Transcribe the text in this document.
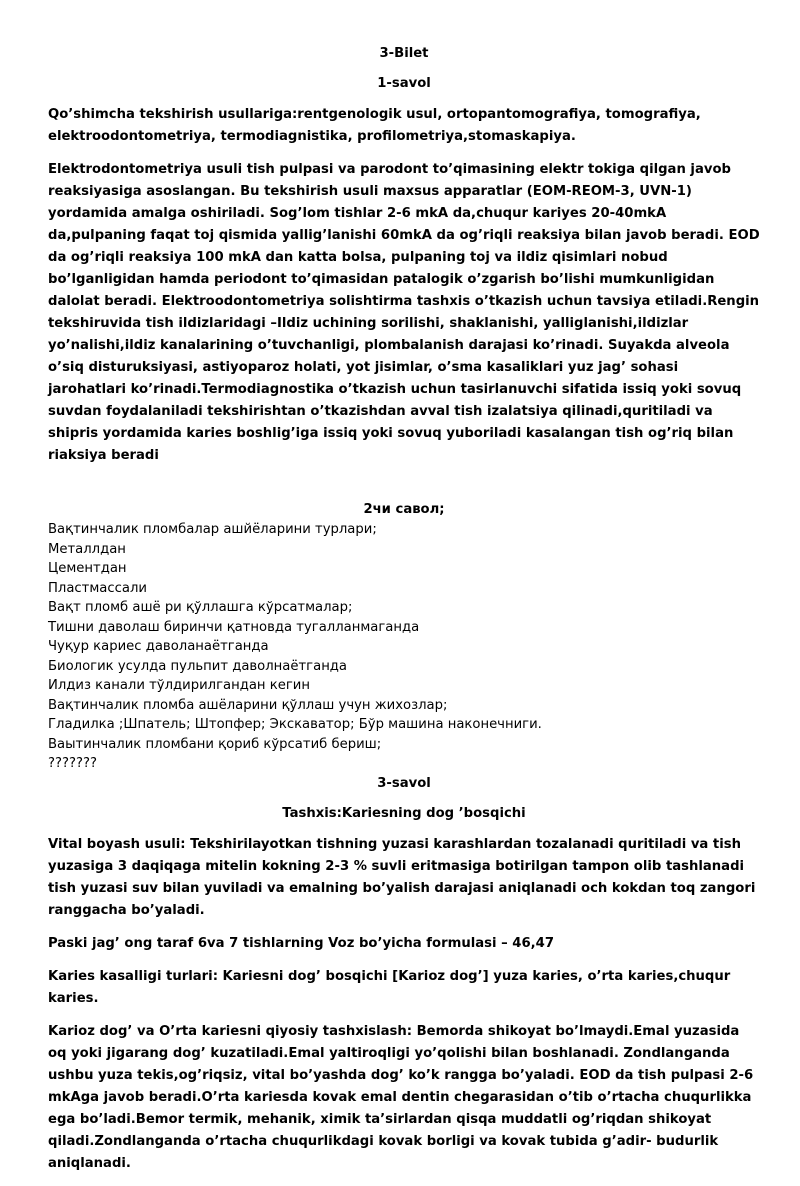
3-Bilet

1-savol

Qo’shimcha tekshirish usullariga:rentgenologik usul, ortopantomografiya, tomografiya, elektroodontometriya, termodiagnistika, profilometriya,stomaskapiya.

Elektrodontometriya usuli tish pulpasi va parodont to’qimasining elektr tokiga qilgan javob reaksiyasiga asoslangan. Bu tekshirish usuli maxsus apparatlar (EOM-REOM-3, UVN-1) yordamida amalga oshiriladi. Sog’lom tishlar 2-6 mkA da,chuqur kariyes 20-40mkA da,pulpaning faqat toj qismida yallig’lanishi 60mkA da og’riqli reaksiya bilan javob beradi. EOD da og’riqli reaksiya 100 mkA dan katta bolsa, pulpaning toj va ildiz qisimlari nobud bo’lganligidan hamda periodont to’qimasidan patalogik o’zgarish bo’lishi mumkunligidan dalolat beradi. Elektroodontometriya solishtirma tashxis o’tkazish uchun tavsiya etiladi.Rengin tekshiruvida tish ildizlaridagi –Ildiz uchining sorilishi, shaklanishi, yalliglanishi,ildizlar yo’nalishi,ildiz kanalarining o’tuvchanligi, plombalanish darajasi ko’rinadi. Suyakda alveola o’siq disturuksiyasi, astiyoparoz holati, yot jisimlar, o’sma kasaliklari yuz jag’ sohasi jarohatlari ko’rinadi.Termodiagnostika o’tkazish uchun tasirlanuvchi sifatida issiq yoki sovuq suvdan foydalaniladi tekshirishtan o’tkazishdan avval tish izalatsiya qilinadi,quritiladi va shipris yordamida karies boshlig’iga issiq yoki sovuq yuboriladi kasalangan tish og’riq bilan riaksiya beradi

2чи савол;

Вақтинчалик пломбалар ашйёларини турлари;

Металлдан

Цементдан

Пластмассали

Вақт пломб ашё ри қўллашга кўрсатмалар;

Тишни даволаш биринчи қатновда тугалланмаганда

Чуқур кариес даволанаётганда

Биологик усулда пульпит даволнаётганда

Илдиз канали тўлдирилгандан кегин

Вақтинчалик пломба ашёларини қўллаш учун жихозлар;

Гладилка ;Шпатель; Штопфер; Экскаватор; Бўр машина наконечниги.

Ваытинчалик пломбани қориб кўрсатиб бериш;

???????

3-savol

Tashxis:Kariesning dog ’bosqichi

Vital boyash usuli: Tekshirilayotkan tishning yuzasi karashlardan tozalanadi quritiladi va tish yuzasiga 3 daqiqaga mitelin kokning 2-3 % suvli eritmasiga botirilgan tampon olib tashlanadi tish yuzasi suv bilan yuviladi va emalning bo’yalish darajasi aniqlanadi och kokdan toq zangori ranggacha bo’yaladi.

Paski jag’ ong taraf 6va 7 tishlarning Voz bo’yicha formulasi – 46,47

Karies kasalligi turlari: Kariesni dog’ bosqichi [Karioz dog’] yuza karies, o’rta karies,chuqur karies.

Karioz dog’ va O’rta kariesni qiyosiy tashxislash: Bemorda shikoyat bo’lmaydi.Emal yuzasida oq yoki jigarang dog’ kuzatiladi.Emal yaltiroqligi yo’qolishi bilan boshlanadi. Zondlanganda ushbu yuza tekis,og’riqsiz, vital bo’yashda dog’ ko’k rangga bo’yaladi. EOD da tish pulpasi 2-6 mkAga javob beradi.O’rta kariesda kovak emal dentin chegarasidan o’tib o’rtacha chuqurlikka ega bo’ladi.Bemor termik, mehanik, ximik ta’sirlardan qisqa muddatli og’riqdan shikoyat qiladi.Zondlanganda o’rtacha chuqurlikdagi kovak borligi va kovak tubida g’adir- budurlik aniqlanadi.
